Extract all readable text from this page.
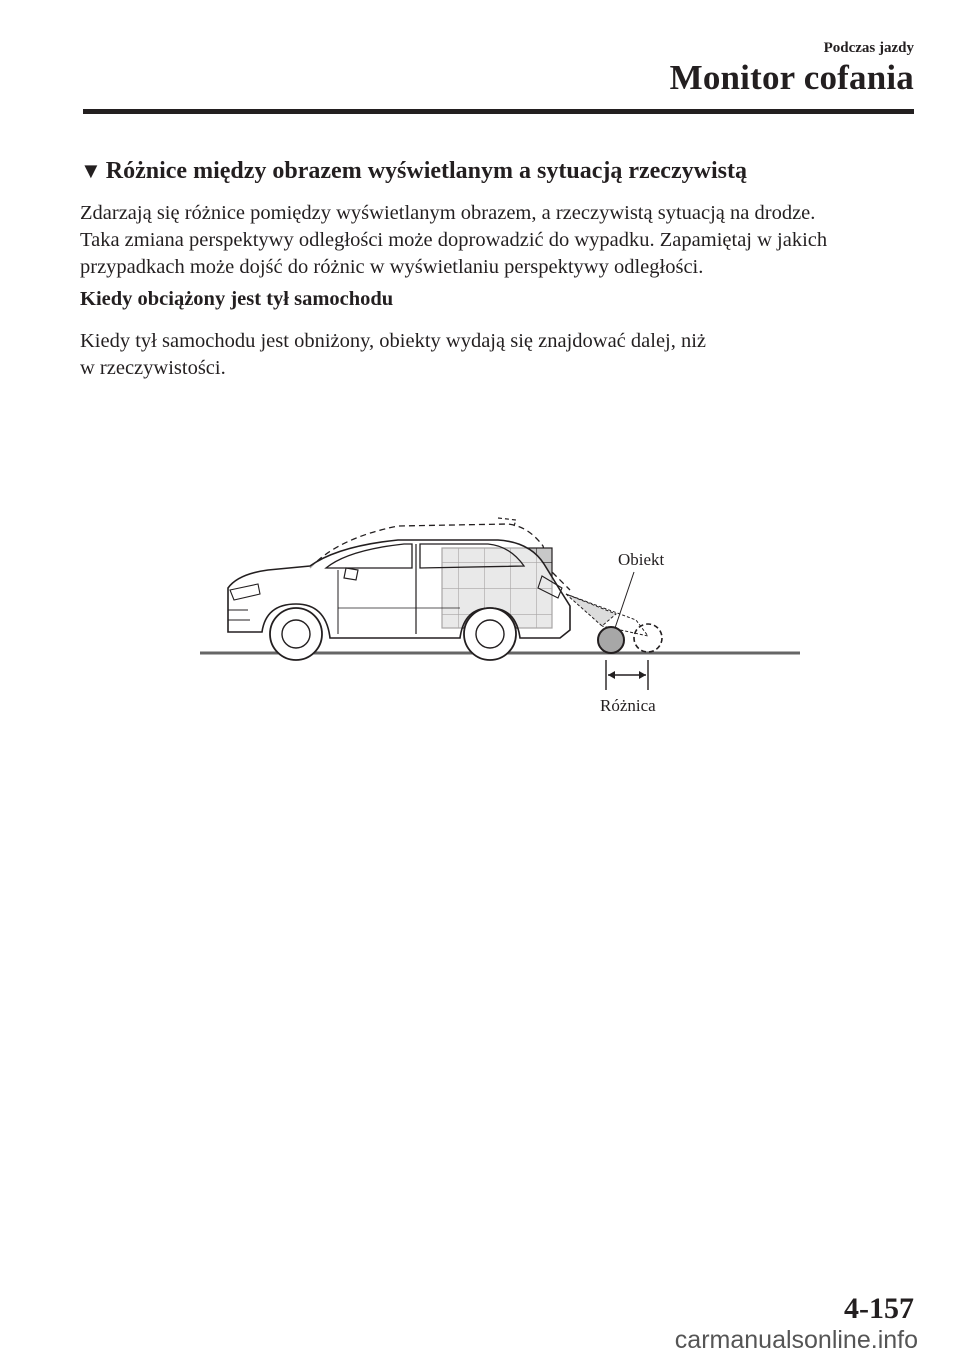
Podczas jazdy
Monitor cofania
▼ Różnice między obrazem wyświetlanym a sytuacją rzeczywistą
Zdarzają się różnice pomiędzy wyświetlanym obrazem, a rzeczywistą sytuacją na drodze.
Taka zmiana perspektywy odległości może doprowadzić do wypadku. Zapamiętaj w jakich
przypadkach może dojść do różnic w wyświetlaniu perspektywy odległości.
Kiedy obciążony jest tył samochodu
Kiedy tył samochodu jest obniżony, obiekty wydają się znajdować dalej, niż
w rzeczywistości.
Obiekt
Różnica
4-157
carmanualsonline.info
